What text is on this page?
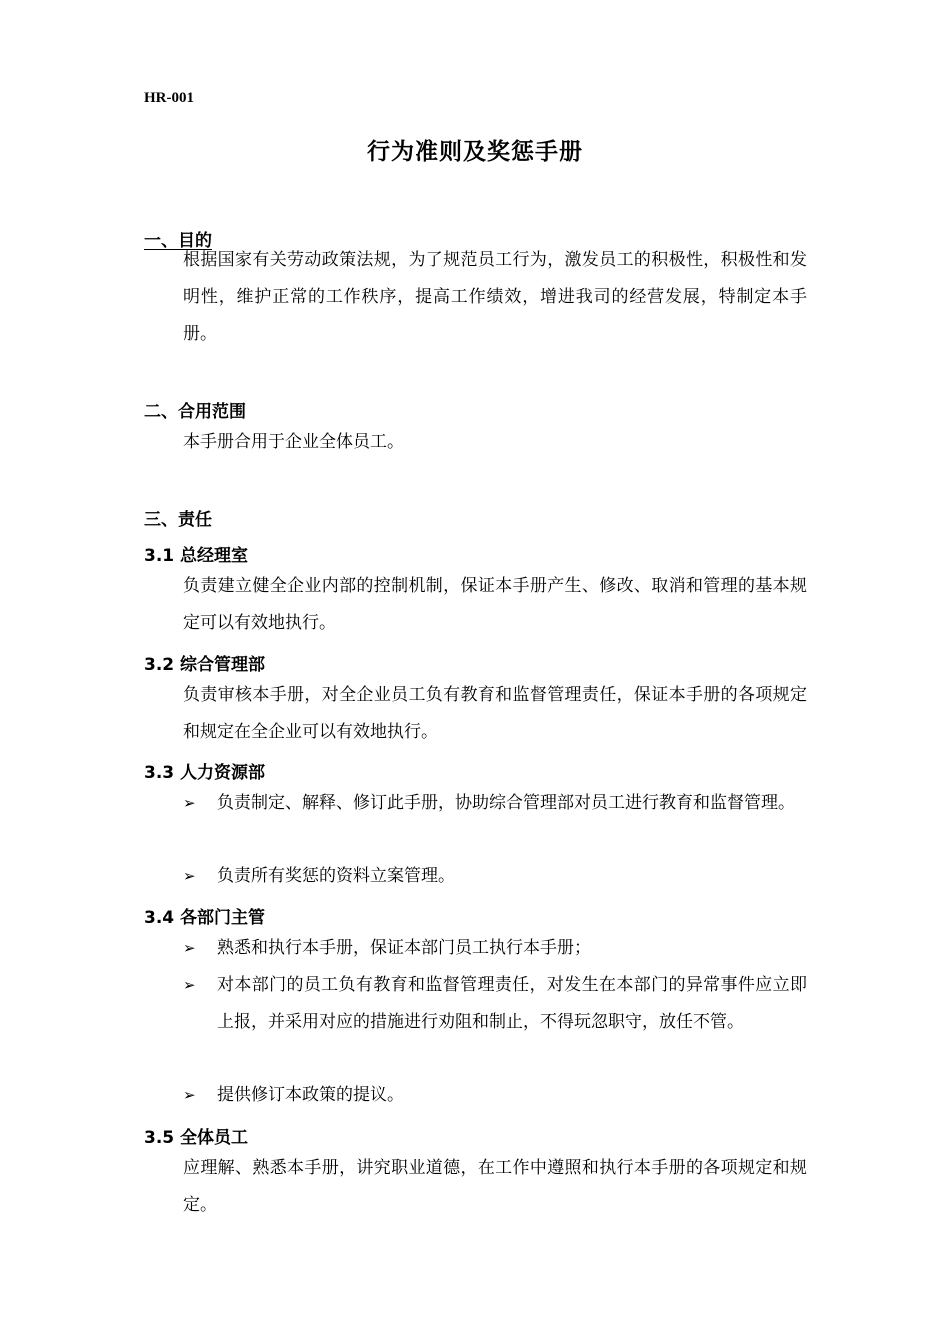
HR-001
行为准则及奖惩手册
一、目的
根据国家有关劳动政策法规，为了规范员工行为，激发员工的积极性，积极性和发明性，维护正常的工作秩序，提高工作绩效，增进我司的经营发展，特制定本手册。
二、合用范围
本手册合用于企业全体员工。
三、责任
3.1 总经理室
负责建立健全企业内部的控制机制，保证本手册产生、修改、取消和管理的基本规定可以有效地执行。
3.2 综合管理部
负责审核本手册，对全企业员工负有教育和监督管理责任，保证本手册的各项规定和规定在全企业可以有效地执行。
3.3 人力资源部
➢ 负责制定、解释、修订此手册，协助综合管理部对员工进行教育和监督管理。
➢ 负责所有奖惩的资料立案管理。
3.4 各部门主管
➢ 熟悉和执行本手册，保证本部门员工执行本手册；
➢ 对本部门的员工负有教育和监督管理责任，对发生在本部门的异常事件应立即上报，并采用对应的措施进行劝阻和制止，不得玩忽职守，放任不管。
➢ 提供修订本政策的提议。
3.5 全体员工
应理解、熟悉本手册，讲究职业道德，在工作中遵照和执行本手册的各项规定和规定。
